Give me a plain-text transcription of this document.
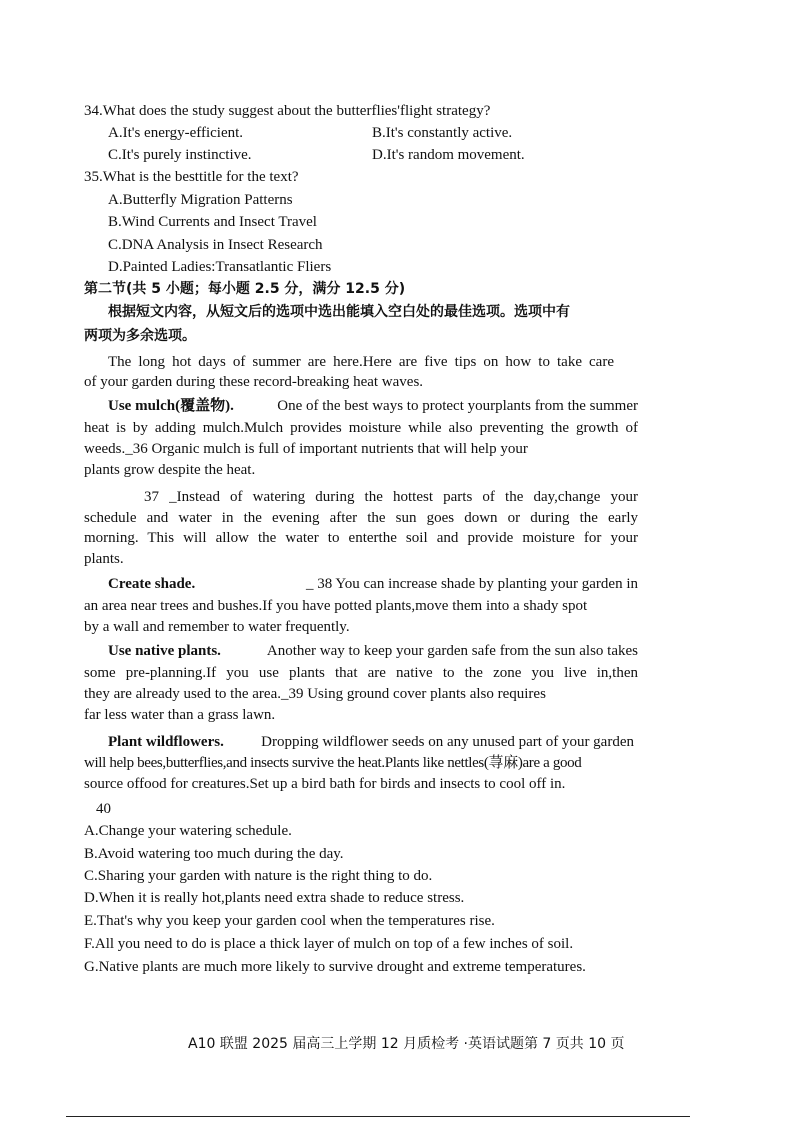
34.What does the study suggest about the butterflies'flight strategy?
A.It's energy-efficient.	B.It's constantly active.
C.It's purely instinctive.	D.It's random movement.
35.What is the besttitle for the text?
A.Butterfly Migration Patterns
B.Wind Currents and Insect Travel
C.DNA Analysis in Insect Research
D.Painted Ladies:Transatlantic Fliers
第二节(共 5 小题；每小题 2.5 分，满分 12.5 分)
根据短文内容，从短文后的选项中选出能填入空白处的最佳选项。选项中有
两项为多余选项。
The long hot days of summer are here.Here are five tips on how to take care
of your garden during these record-breaking heat waves.
Use mulch(覆盖物).	One of the best ways to protect yourplants from the summer
heat is by adding mulch.Mulch provides moisture while also preventing the growth of
weeds._36 Organic mulch is full of important nutrients that will help your
plants grow despite the heat.
37 _Instead of watering during the hottest parts of the day,change your
schedule and water in the evening after the sun goes down or during the early
morning. This will allow the water to enterthe soil and provide moisture for your
plants.
Create shade.	_ 38 You can increase shade by planting your garden in
an area near trees and bushes.If you have potted plants,move them into a shady spot
by a wall and remember to water frequently.
Use native plants.	Another way to keep your garden safe from the sun also takes
some pre-planning.If you use plants that are native to the zone you live in,then
they are already used to the area._39 Using ground cover plants also requires
far less water than a grass lawn.
Plant wildflowers. Dropping wildflower seeds on any unused part of your garden
will help bees,butterflies,and insects survive the heat.Plants like nettles(荨麻)are a good
source offood for creatures.Set up a bird bath for birds and insects to cool off in.
40
A.Change your watering schedule.
B.Avoid watering too much during the day.
C.Sharing your garden with nature is the right thing to do.
D.When it is really hot,plants need extra shade to reduce stress.
E.That's why you keep your garden cool when the temperatures rise.
F.All you need to do is place a thick layer of mulch on top of a few inches of soil.
G.Native plants are much more likely to survive drought and extreme temperatures.
A10 联盟 2025 届高三上学期 12 月质检考 ·英语试题第 7 页共 10 页
